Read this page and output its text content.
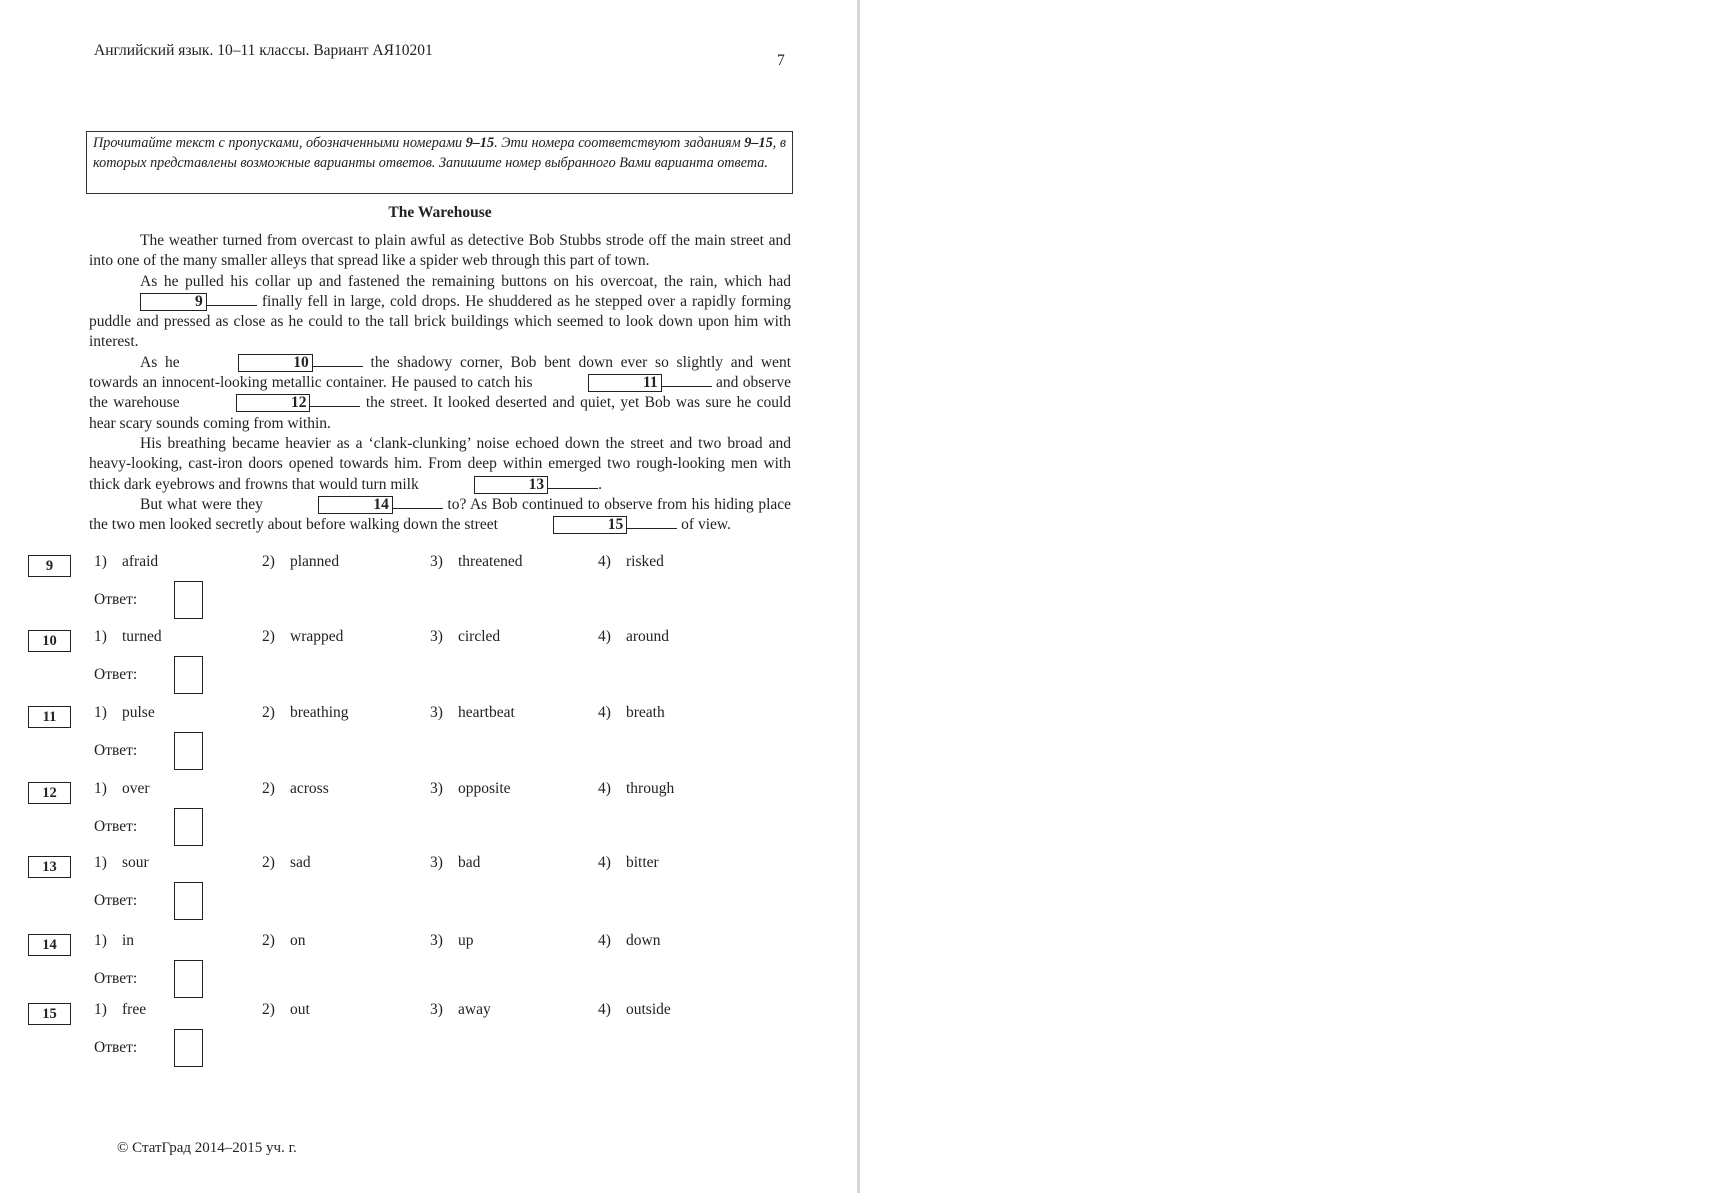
Английский язык. 10–11 классы. Вариант АЯ10201
7
Прочитайте текст с пропусками, обозначенными номерами 9–15. Эти номера соответствуют заданиям 9–15, в которых представлены возможные варианты ответов. Запишите номер выбранного Вами варианта ответа.
The Warehouse

The weather turned from overcast to plain awful as detective Bob Stubbs strode off the main street and into one of the many smaller alleys that spread like a spider web through this part of town.

As he pulled his collar up and fastened the remaining buttons on his overcoat, the rain, which had 9	finally fell in large, cold drops. He shuddered as he stepped over a rapidly forming puddle and pressed as close as he could to the tall brick buildings which seemed to look down upon him with interest.

As he	10	the shadowy corner, Bob bent down ever so slightly and went towards an innocent-looking metallic container. He paused to catch his	11	and observe the warehouse	12	the street. It looked deserted and quiet, yet Bob was sure he could hear scary sounds coming from within.

His breathing became heavier as a ‘clank-clunking’ noise echoed down the street and two broad and heavy-looking, cast-iron doors opened towards him. From deep within emerged two rough-looking men with thick dark eyebrows and frowns that would turn milk	13	.

But what were they	14	to? As Bob continued to observe from his hiding place the two men looked secretly about before walking down the street	15	of view.

9	1) afraid	2) planned	3) threatened	4) risked
Ответ:
10	1) turned	2) wrapped	3) circled	4) around
Ответ:
11	1) pulse	2) breathing	3) heartbeat	4) breath
Ответ:
12	1) over	2) across	3) opposite	4) through
Ответ:
13	1) sour	2) sad	3) bad	4) bitter
Ответ:
14	1) in	2) on	3) up	4) down
Ответ:
15	1) free	2) out	3) away	4) outside
Ответ:
© СтатГрад 2014–2015 уч. г.
